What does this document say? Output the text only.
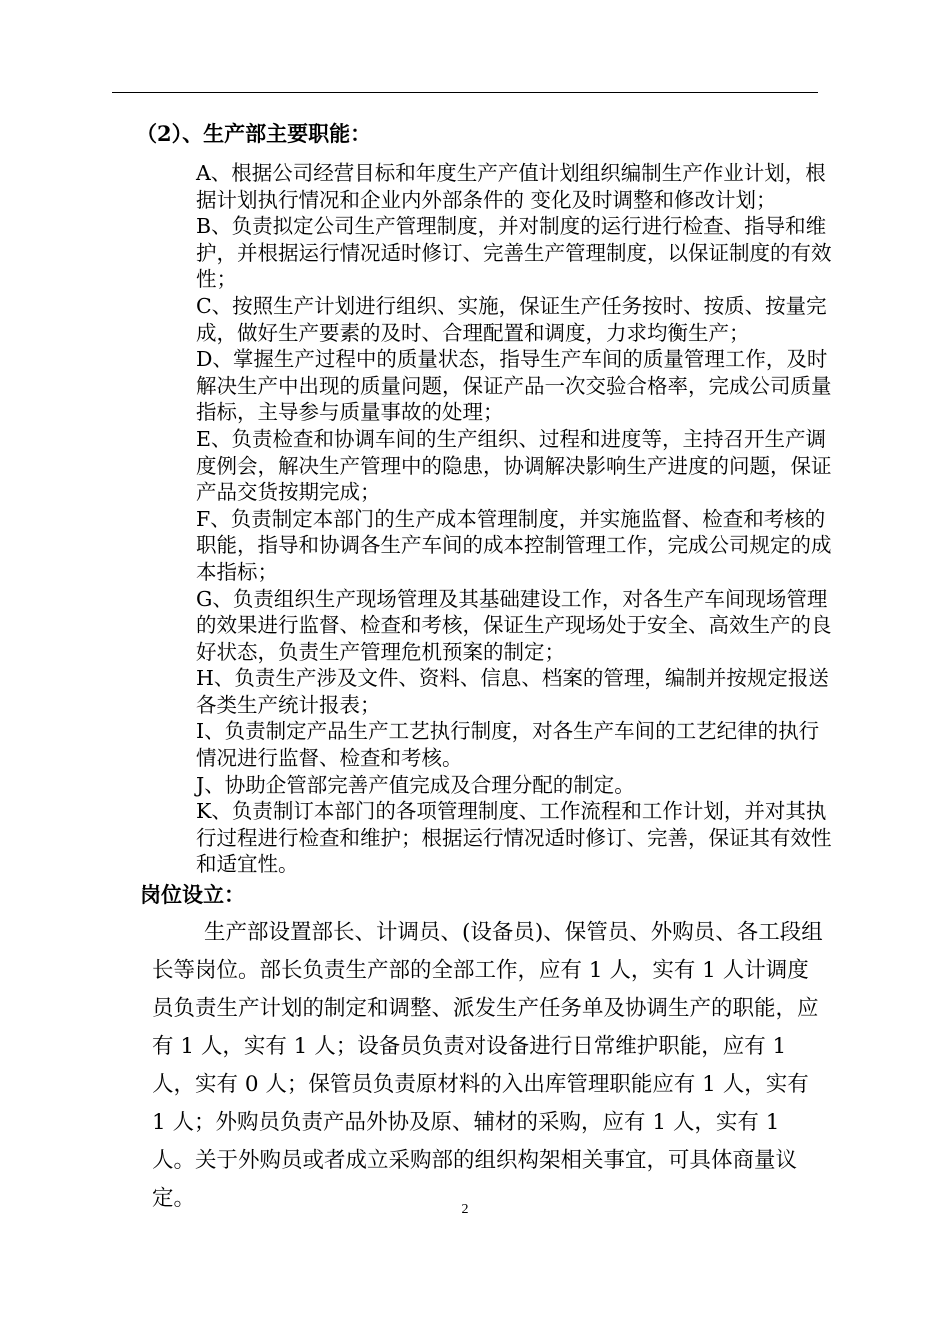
（2）、生产部主要职能：
A、根据公司经营目标和年度生产产值计划组织编制生产作业计划，根据计划执行情况和企业内外部条件的 变化及时调整和修改计划；
B、负责拟定公司生产管理制度，并对制度的运行进行检查、指导和维护，并根据运行情况适时修订、完善生产管理制度，以保证制度的有效性；
C、按照生产计划进行组织、实施，保证生产任务按时、按质、按量完成，做好生产要素的及时、合理配置和调度，力求均衡生产；
D、掌握生产过程中的质量状态，指导生产车间的质量管理工作，及时解决生产中出现的质量问题，保证产品一次交验合格率，完成公司质量指标，主导参与质量事故的处理；
E、负责检查和协调车间的生产组织、过程和进度等，主持召开生产调度例会，解决生产管理中的隐患，协调解决影响生产进度的问题，保证产品交货按期完成；
F、负责制定本部门的生产成本管理制度，并实施监督、检查和考核的职能，指导和协调各生产车间的成本控制管理工作，完成公司规定的成本指标；
G、负责组织生产现场管理及其基础建设工作，对各生产车间现场管理的效果进行监督、检查和考核，保证生产现场处于安全、高效生产的良好状态，负责生产管理危机预案的制定；
H、负责生产涉及文件、资料、信息、档案的管理，编制并按规定报送各类生产统计报表；
I、负责制定产品生产工艺执行制度，对各生产车间的工艺纪律的执行情况进行监督、检查和考核。
J、协助企管部完善产值完成及合理分配的制定。
K、负责制订本部门的各项管理制度、工作流程和工作计划，并对其执行过程进行检查和维护；根据运行情况适时修订、完善，保证其有效性和适宜性。
岗位设立：

生产部设置部长、计调员、(设备员)、保管员、外购员、各工段组长等岗位。部长负责生产部的全部工作，应有 1 人，实有 1 人计调度员负责生产计划的制定和调整、派发生产任务单及协调生产的职能，应有 1 人，实有 1 人；设备员负责对设备进行日常维护职能，应有 1 人，实有 0 人；保管员负责原材料的入出库管理职能应有 1 人，实有 1 人；外购员负责产品外协及原、辅材的采购，应有 1 人，实有 1 人。关于外购员或者成立采购部的组织构架相关事宜，可具体商量议定。	2
